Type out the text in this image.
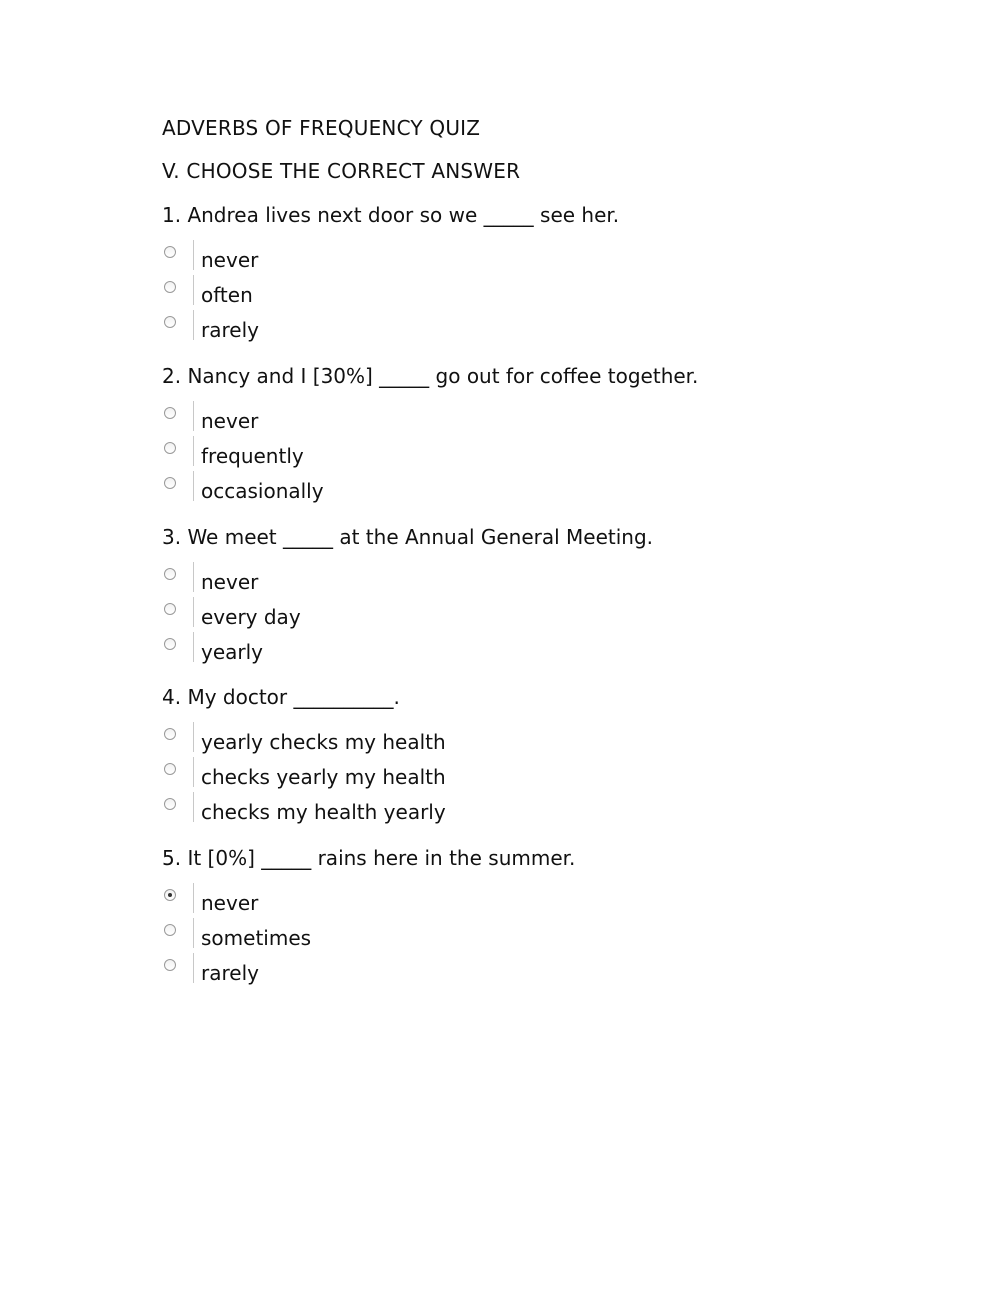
ADVERBS OF FREQUENCY QUIZ
V. CHOOSE THE CORRECT ANSWER
1. Andrea lives next door so we _____ see her.
never
often
rarely
2. Nancy and I [30%] _____ go out for coffee together.
never
frequently
occasionally
3. We meet _____ at the Annual General Meeting.
never
every day
yearly
4. My doctor __________.
yearly checks my health
checks yearly my health
checks my health yearly
5. It [0%] _____ rains here in the summer.
never
sometimes
rarely
